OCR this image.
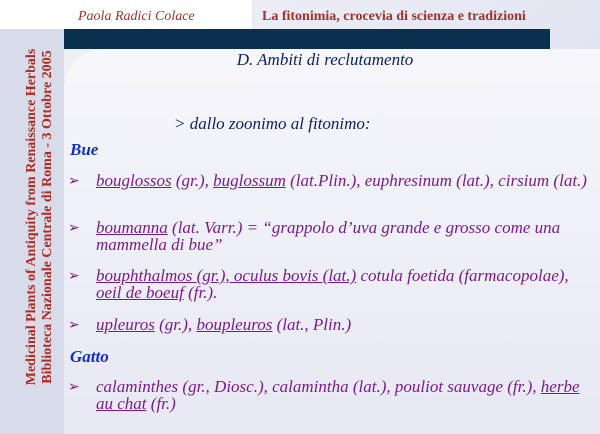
Paola Radici Colace	La fitonimia, crocevia di scienza e tradizioni
Medicinal Plants of Antiquity from Renaissance Herbals Biblioteca Nazionale Centrale di Roma - 3 Ottobre 2005	D. Ambiti di reclutamento
> dallo zoonimo al fitonimo:
Bue
➢ bouglossos (gr.), buglossum (lat.Plin.), euphresinum (lat.), cirsium (lat.)
➢ boumanna (lat. Varr.) = “grappolo d’uva grande e grosso come una mammella di bue”
➢ bouphthalmos (gr.), oculus bovis (lat.) cotula foetida (farmacopolae), oeil de boeuf (fr.).
➢ upleuros (gr.), boupleuros (lat., Plin.)
Gatto
➢ calaminthes (gr., Diosc.), calamintha (lat.), pouliot sauvage (fr.), herbe au chat (fr.)
